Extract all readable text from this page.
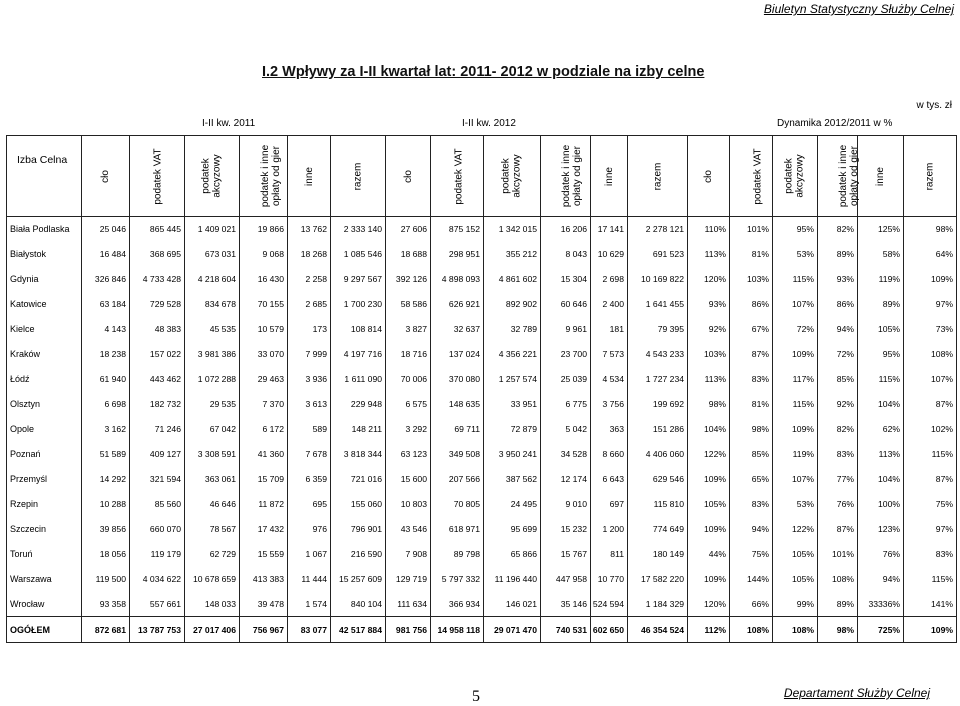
Biuletyn Statystyczny Służby Celnej
I.2 Wpływy za I-II kwartał lat: 2011- 2012 w podziale na izby celne
w tys. zł
I-II kw. 2011	I-II kw. 2012	Dynamika 2012/2011 w %
Izba Celna	cło	podatek VAT	podatek
akcyzowy	podatek i inne
opłaty od gier	inne	razem	cło	podatek VAT	podatek
akcyzowy	podatek i inne
opłaty od gier	inne	razem	cło	podatek VAT	podatek
akcyzowy	podatek i inne
opłaty od gier	inne	razem
Biała Podlaska	25 046	865 445	1 409 021	19 866	13 762	2 333 140	27 606	875 152	1 342 015	16 206	17 141	2 278 121	110%	101%	95%	82%	125%	98%
Białystok	16 484	368 695	673 031	9 068	18 268	1 085 546	18 688	298 951	355 212	8 043	10 629	691 523	113%	81%	53%	89%	58%	64%
Gdynia	326 846	4 733 428	4 218 604	16 430	2 258	9 297 567	392 126	4 898 093	4 861 602	15 304	2 698	10 169 822	120%	103%	115%	93%	119%	109%
Katowice	63 184	729 528	834 678	70 155	2 685	1 700 230	58 586	626 921	892 902	60 646	2 400	1 641 455	93%	86%	107%	86%	89%	97%
Kielce	4 143	48 383	45 535	10 579	173	108 814	3 827	32 637	32 789	9 961	181	79 395	92%	67%	72%	94%	105%	73%
Kraków	18 238	157 022	3 981 386	33 070	7 999	4 197 716	18 716	137 024	4 356 221	23 700	7 573	4 543 233	103%	87%	109%	72%	95%	108%
Łódź	61 940	443 462	1 072 288	29 463	3 936	1 611 090	70 006	370 080	1 257 574	25 039	4 534	1 727 234	113%	83%	117%	85%	115%	107%
Olsztyn	6 698	182 732	29 535	7 370	3 613	229 948	6 575	148 635	33 951	6 775	3 756	199 692	98%	81%	115%	92%	104%	87%
Opole	3 162	71 246	67 042	6 172	589	148 211	3 292	69 711	72 879	5 042	363	151 286	104%	98%	109%	82%	62%	102%
Poznań	51 589	409 127	3 308 591	41 360	7 678	3 818 344	63 123	349 508	3 950 241	34 528	8 660	4 406 060	122%	85%	119%	83%	113%	115%
Przemyśl	14 292	321 594	363 061	15 709	6 359	721 016	15 600	207 566	387 562	12 174	6 643	629 546	109%	65%	107%	77%	104%	87%
Rzepin	10 288	85 560	46 646	11 872	695	155 060	10 803	70 805	24 495	9 010	697	115 810	105%	83%	53%	76%	100%	75%
Szczecin	39 856	660 070	78 567	17 432	976	796 901	43 546	618 971	95 699	15 232	1 200	774 649	109%	94%	122%	87%	123%	97%
Toruń	18 056	119 179	62 729	15 559	1 067	216 590	7 908	89 798	65 866	15 767	811	180 149	44%	75%	105%	101%	76%	83%
Warszawa	119 500	4 034 622	10 678 659	413 383	11 444	15 257 609	129 719	5 797 332	11 196 440	447 958	10 770	17 582 220	109%	144%	105%	108%	94%	115%
Wrocław	93 358	557 661	148 033	39 478	1 574	840 104	111 634	366 934	146 021	35 146	524 594	1 184 329	120%	66%	99%	89%	33336%	141%
OGÓŁEM	872 681	13 787 753	27 017 406	756 967	83 077	42 517 884	981 756	14 958 118	29 071 470	740 531	602 650	46 354 524	112%	108%	108%	98%	725%	109%
5	Departament Służby Celnej
